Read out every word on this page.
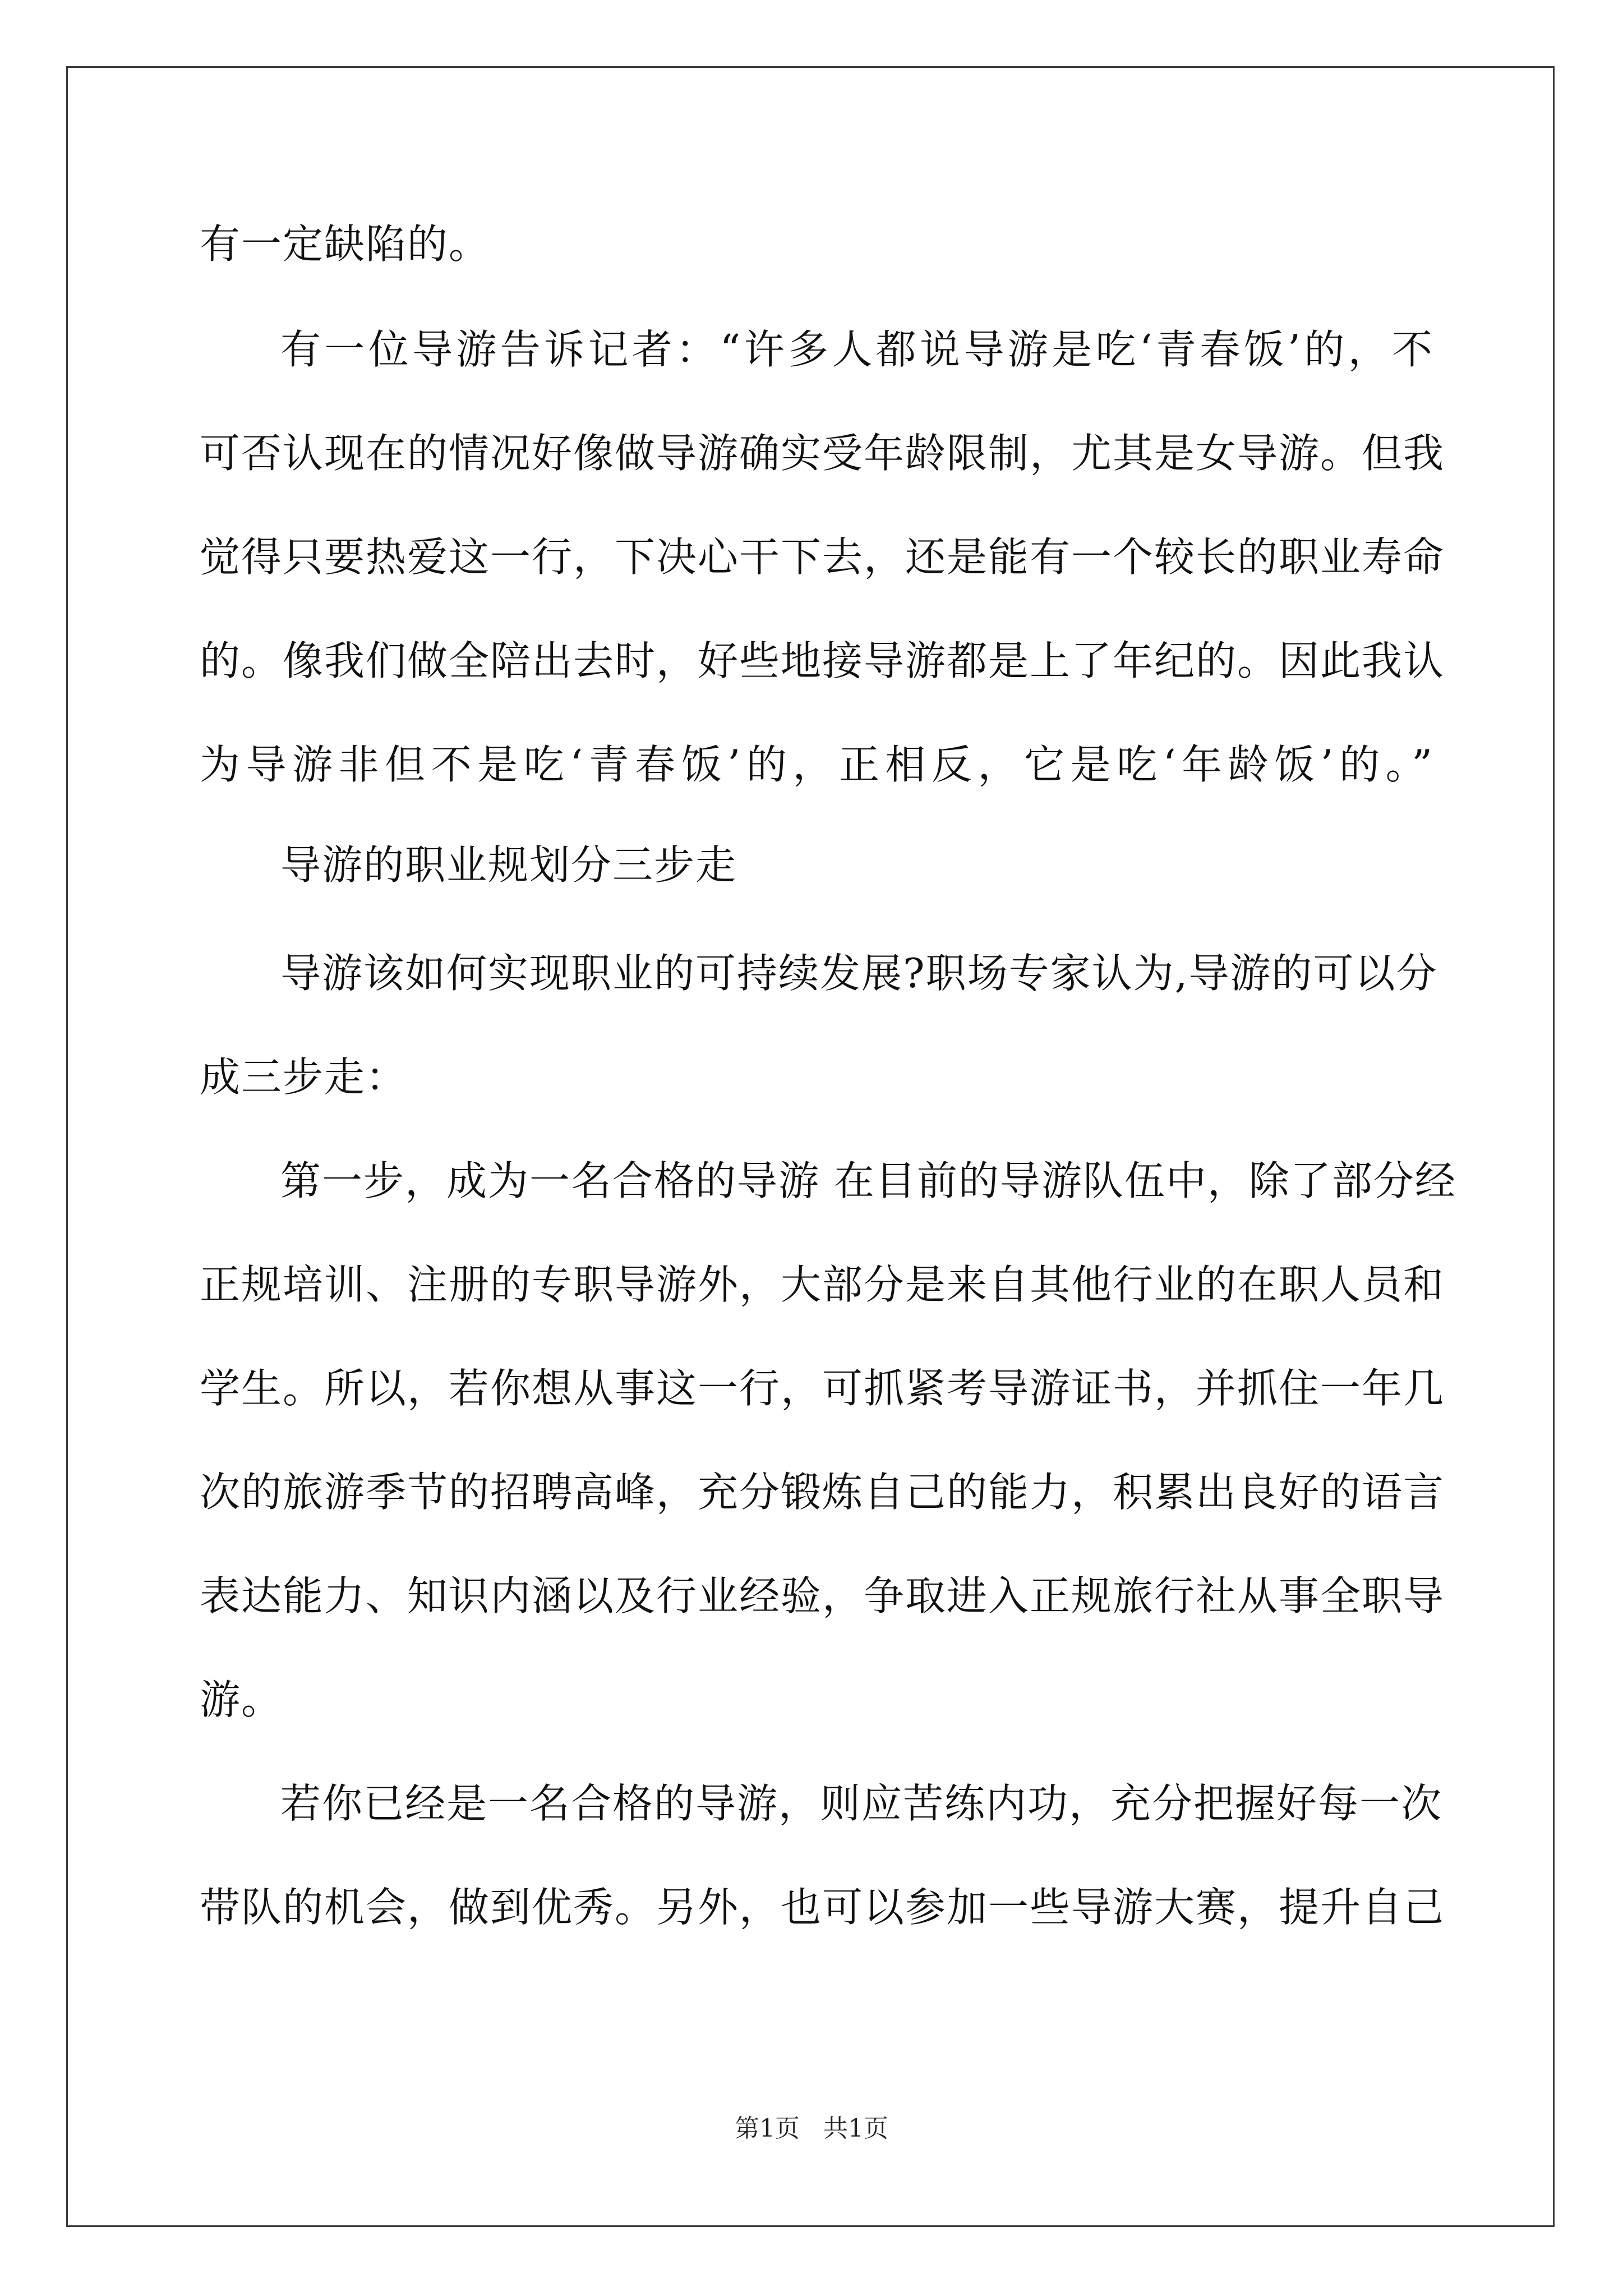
有一定缺陷的。
有一位导游告诉记者：“许多人都说导游是吃‘青春饭’的，不
可否认现在的情况好像做导游确实受年龄限制，尤其是女导游。但我
觉得只要热爱这一行，下决心干下去，还是能有一个较长的职业寿命
的。像我们做全陪出去时，好些地接导游都是上了年纪的。因此我认
为导游非但不是吃‘青春饭’的，正相反，它是吃‘年龄饭’的。”
导游的职业规划分三步走
导游该如何实现职业的可持续发展?职场专家认为,导游的可以分
成三步走：
第一步，成为一名合格的导游 在目前的导游队伍中，除了部分经
正规培训、注册的专职导游外，大部分是来自其他行业的在职人员和
学生。所以，若你想从事这一行，可抓紧考导游证书，并抓住一年几
次的旅游季节的招聘高峰，充分锻炼自己的能力，积累出良好的语言
表达能力、知识内涵以及行业经验，争取进入正规旅行社从事全职导
游。
若你已经是一名合格的导游，则应苦练内功，充分把握好每一次
带队的机会，做到优秀。另外，也可以参加一些导游大赛，提升自己
第1页   共1页
